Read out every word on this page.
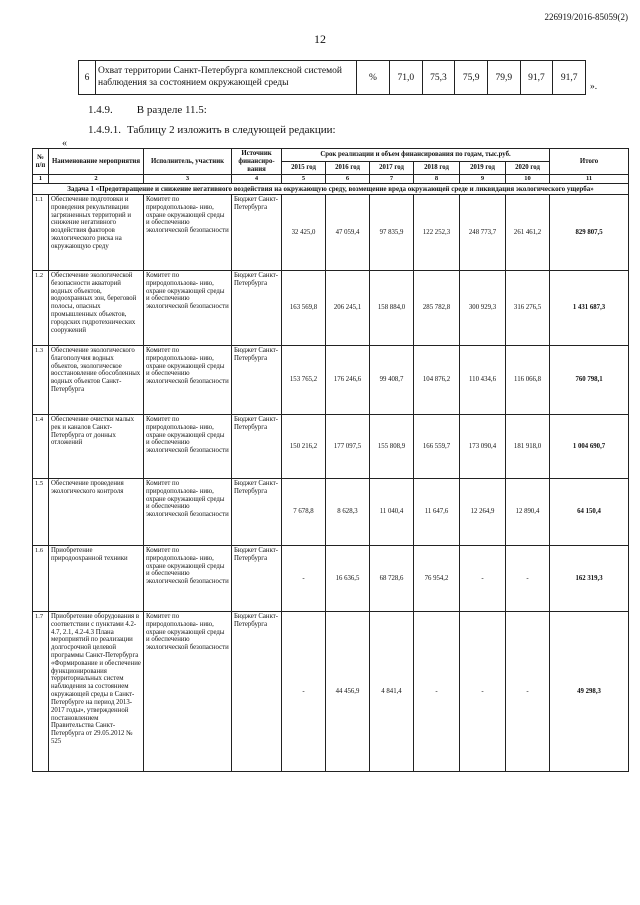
226919/2016-85059(2)
12
6	Охват территории Санкт-Петербурга комплексной системой наблюдения за состоянием окружающей среды	%	71,0	75,3	75,9	79,9	91,7	91,7
».
1.4.9. В разделе 11.5:
1.4.9.1. Таблицу 2 изложить в следующей редакции:
«
№ п/п	Наименование мероприятия	Исполнитель, участник	Источник финансиро- вания	Срок реализации и объем финансирования по годам, тыс.руб.						Итого
				2015 год	2016 год	2017 год	2018 год	2019 год	2020 год	
1	2	3	4	5	6	7	8	9	10	11
Задача 1 «Предотвращение и снижение негативного воздействия на окружающую среду, возмещение вреда окружающей среде и ликвидация экологического ущерба»										
1.1	Обеспечение подготовки и проведения рекультивации загрязненных территорий и снижение негативного воздействия факторов экологического риска на окружающую среду	Комитет по природопользова- нию, охране окружающей среды и обеспечению экологической безопасности	Бюджет Санкт- Петербурга	32 425,0	47 059,4	97 835,9	122 252,3	248 773,7	261 461,2	829 807,5
1.2	Обеспечение экологической безопасности акваторий водных объектов, водоохранных зон, береговой полосы, опасных промышленных объектов, городских гидротехнических сооружений	Комитет по природопользова- нию, охране окружающей среды и обеспечению экологической безопасности	Бюджет Санкт- Петербурга	163 569,8	206 245,1	158 884,0	285 782,8	300 929,3	316 276,5	1 431 687,3
1.3	Обеспечение экологического благополучия водных объектов, экологическое восстановление обособленных водных объектов Санкт-Петербурга	Комитет по природопользова- нию, охране окружающей среды и обеспечению экологической безопасности	Бюджет Санкт- Петербурга	153 765,2	176 246,6	99 408,7	104 876,2	110 434,6	116 066,8	760 798,1
1.4	Обеспечение очистки малых рек и каналов Санкт-Петербурга от донных отложений	Комитет по природопользова- нию, охране окружающей среды и обеспечению экологической безопасности	Бюджет Санкт- Петербурга	150 216,2	177 097,5	155 808,9	166 559,7	173 090,4	181 918,0	1 004 690,7
1.5	Обеспечение проведения экологического контроля	Комитет по природопользова- нию, охране окружающей среды и обеспечению экологической безопасности	Бюджет Санкт- Петербурга	7 678,8	8 628,3	11 040,4	11 647,6	12 264,9	12 890,4	64 150,4
1.6	Приобретение природоохранной техники	Комитет по природопользова- нию, охране окружающей среды и обеспечению экологической безопасности	Бюджет Санкт- Петербурга	-	16 636,5	68 728,6	76 954,2	-	-	162 319,3
1.7	Приобретение оборудования в соответствии с пунктами 4.2-4.7, 2.1, 4.2-4.3 Плана мероприятий по реализации долгосрочной целевой программы Санкт-Петербурга «Формирование и обеспечение функционирования территориальных систем наблюдения за состоянием окружающей среды в Санкт-Петербурге на период 2013-2017 годы», утвержденной постановлением Правительства Санкт-Петербурга от 29.05.2012 № 525	Комитет по природопользова- нию, охране окружающей среды и обеспечению экологической безопасности	Бюджет Санкт- Петербурга	-	44 456,9	4 841,4	-	-	-	49 298,3
